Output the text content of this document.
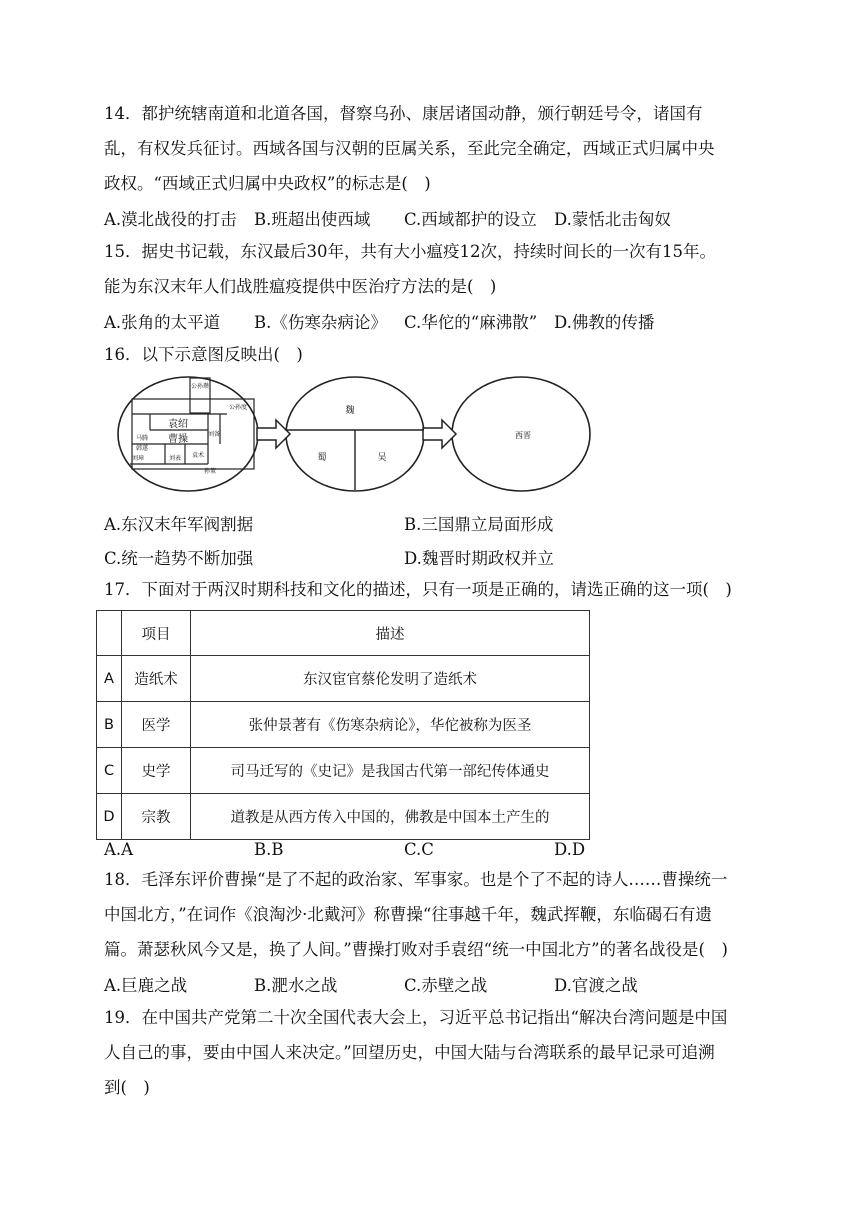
14．都护统辖南道和北道各国，督察乌孙、康居诸国动静，颁行朝廷号令，诸国有
乱，有权发兵征讨。西域各国与汉朝的臣属关系，至此完全确定，西域正式归属中央
政权。“西域正式归属中央政权”的标志是(　)
A.漠北战役的打击 B.班超出使西域 C.西域都护的设立 D.蒙恬北击匈奴
15．据史书记载，东汉最后30年，共有大小瘟疫12次，持续时间长的一次有15年。
能为东汉末年人们战胜瘟疫提供中医治疗方法的是(　)
A.张角的太平道 B.《伤寒杂病论》 C.华佗的“麻沸散” D.佛教的传播
16．以下示意图反映出(　)
公孙瓒
公孙度
袁绍
马腾
韩遂
曹操	刘备
刘璋	刘表 袁术
孙策
魏
蜀	吴
西晋
A.东汉末年军阀割据	B.三国鼎立局面形成
C.统一趋势不断加强	D.魏晋时期政权并立
17．下面对于两汉时期科技和文化的描述，只有一项是正确的，请选正确的这一项(　)
	项目	描述
A	造纸术	东汉宦官蔡伦发明了造纸术
B	医学	张仲景著有《伤寒杂病论》，华佗被称为医圣
C	史学	司马迁写的《史记》是我国古代第一部纪传体通史
D	宗教	道教是从西方传入中国的，佛教是中国本土产生的
A.A	B.B	C.C	D.D
18．毛泽东评价曹操“是了不起的政治家、军事家。也是个了不起的诗人……曹操统一
中国北方，”在词作《浪淘沙·北戴河》称曹操“往事越千年，魏武挥鞭，东临碣石有遗
篇。萧瑟秋风今又是，换了人间。”曹操打败对手袁绍“统一中国北方”的著名战役是(　)
A.巨鹿之战	B.淝水之战	C.赤壁之战	D.官渡之战
19．在中国共产党第二十次全国代表大会上，习近平总书记指出“解决台湾问题是中国
人自己的事，要由中国人来决定。”回望历史，中国大陆与台湾联系的最早记录可追溯
到(　)
